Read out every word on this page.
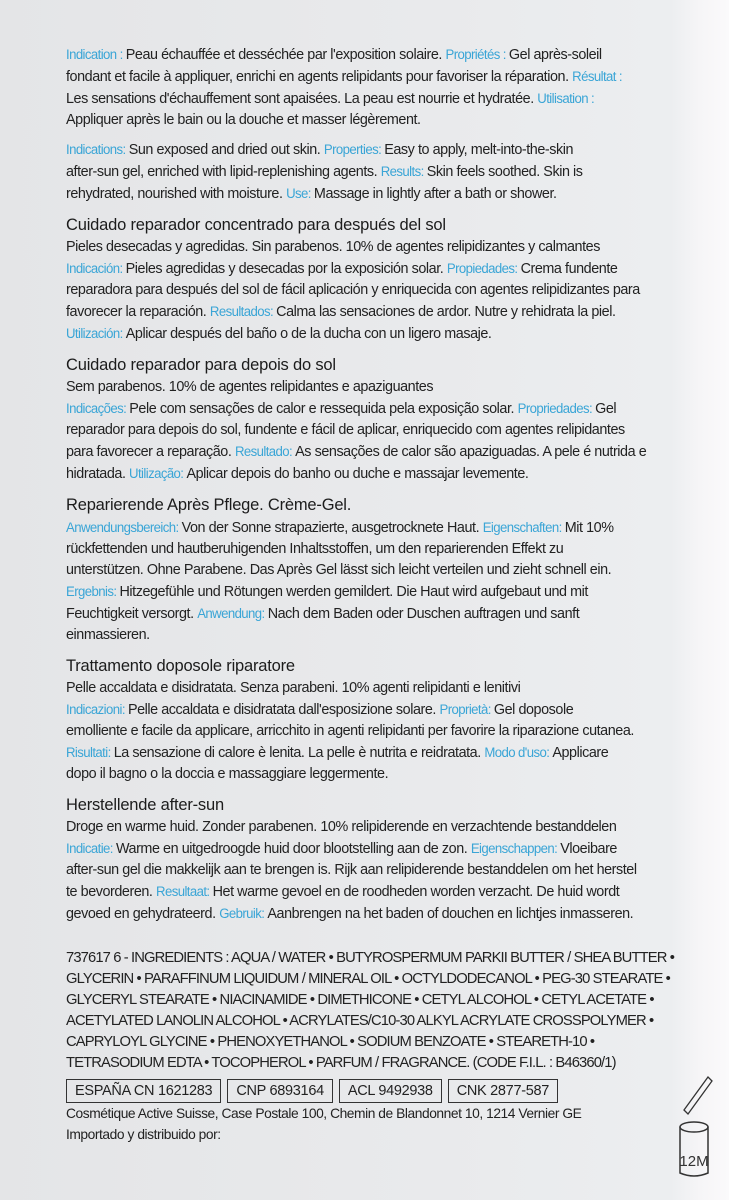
Indication : Peau échauffée et desséchée par l'exposition solaire. Propriétés : Gel après-soleil
fondant et facile à appliquer, enrichi en agents relipidants pour favoriser la réparation. Résultat :
Les sensations d'échauffement sont apaisées. La peau est nourrie et hydratée. Utilisation :
Appliquer après le bain ou la douche et masser légèrement.
Indications: Sun exposed and dried out skin. Properties: Easy to apply, melt-into-the-skin
after-sun gel, enriched with lipid-replenishing agents. Results: Skin feels soothed. Skin is
rehydrated, nourished with moisture. Use: Massage in lightly after a bath or shower.
Cuidado reparador concentrado para después del sol
Pieles desecadas y agredidas. Sin parabenos. 10% de agentes relipidizantes y calmantes
Indicación: Pieles agredidas y desecadas por la exposición solar. Propiedades: Crema fundente
reparadora para después del sol de fácil aplicación y enriquecida con agentes relipidizantes para
favorecer la reparación. Resultados: Calma las sensaciones de ardor. Nutre y rehidrata la piel.
Utilización: Aplicar después del baño o de la ducha con un ligero masaje.
Cuidado reparador para depois do sol
Sem parabenos. 10% de agentes relipidantes e apaziguantes
Indicações: Pele com sensações de calor e ressequida pela exposição solar. Propriedades: Gel
reparador para depois do sol, fundente e fácil de aplicar, enriquecido com agentes relipidantes
para favorecer a reparação. Resultado: As sensações de calor são apaziguadas. A pele é nutrida e
hidratada. Utilização: Aplicar depois do banho ou duche e massajar levemente.
Reparierende Après Pflege. Crème-Gel.
Anwendungsbereich: Von der Sonne strapazierte, ausgetrocknete Haut. Eigenschaften: Mit 10%
rückfettenden und hautberuhigenden Inhaltsstoffen, um den reparierenden Effekt zu
unterstützen. Ohne Parabene. Das Après Gel lässt sich leicht verteilen und zieht schnell ein.
Ergebnis: Hitzegefühle und Rötungen werden gemildert. Die Haut wird aufgebaut und mit
Feuchtigkeit versorgt. Anwendung: Nach dem Baden oder Duschen auftragen und sanft
einmassieren.
Trattamento doposole riparatore
Pelle accaldata e disidratata. Senza parabeni. 10% agenti relipidanti e lenitivi
Indicazioni: Pelle accaldata e disidratata dall'esposizione solare. Proprietà: Gel doposole
emolliente e facile da applicare, arricchito in agenti relipidanti per favorire la riparazione cutanea.
Risultati: La sensazione di calore è lenita. La pelle è nutrita e reidratata. Modo d'uso: Applicare
dopo il bagno o la doccia e massaggiare leggermente.
Herstellende after-sun
Droge en warme huid. Zonder parabenen. 10% relipiderende en verzachtende bestanddelen
Indicatie: Warme en uitgedroogde huid door blootstelling aan de zon. Eigenschappen: Vloeibare
after-sun gel die makkelijk aan te brengen is. Rijk aan relipiderende bestanddelen om het herstel
te bevorderen. Resultaat: Het warme gevoel en de roodheden worden verzacht. De huid wordt
gevoed en gehydrateerd. Gebruik: Aanbrengen na het baden of douchen en lichtjes inmasseren.
737617 6 - INGREDIENTS : AQUA / WATER • BUTYROSPERMUM PARKII BUTTER / SHEA BUTTER •
GLYCERIN • PARAFFINUM LIQUIDUM / MINERAL OIL • OCTYLDODECANOL • PEG-30 STEARATE •
GLYCERYL STEARATE • NIACINAMIDE • DIMETHICONE • CETYL ALCOHOL • CETYL ACETATE •
ACETYLATED LANOLIN ALCOHOL • ACRYLATES/C10-30 ALKYL ACRYLATE CROSSPOLYMER •
CAPRYLOYL GLYCINE • PHENOXYETHANOL • SODIUM BENZOATE • STEARETH-10 •
TETRASODIUM EDTA • TOCOPHEROL • PARFUM / FRAGRANCE. (CODE F.I.L. : B46360/1)
ESPAÑA CN 1621283	CNP 6893164	ACL 9492938	CNK 2877-587
Cosmétique Active Suisse, Case Postale 100, Chemin de Blandonnet 10, 1214 Vernier GE
Importado y distribuido por:
12M
